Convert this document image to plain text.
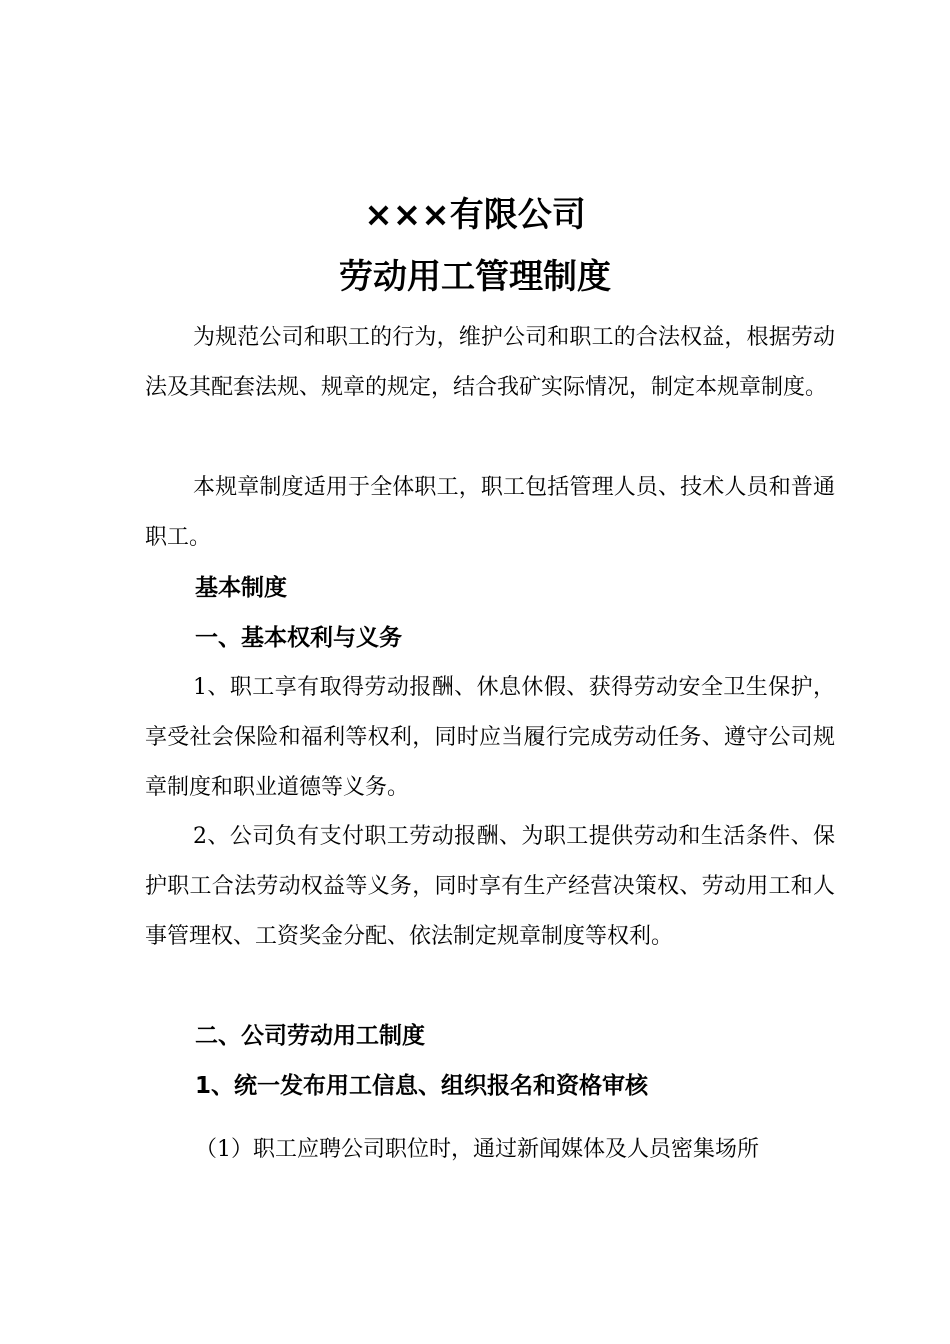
×××有限公司
劳动用工管理制度
为规范公司和职工的行为，维护公司和职工的合法权益，根据劳动法及其配套法规、规章的规定，结合我矿实际情况，制定本规章制度。
本规章制度适用于全体职工，职工包括管理人员、技术人员和普通职工。
基本制度
一、基本权利与义务
1、职工享有取得劳动报酬、休息休假、获得劳动安全卫生保护，享受社会保险和福利等权利，同时应当履行完成劳动任务、遵守公司规章制度和职业道德等义务。
2、公司负有支付职工劳动报酬、为职工提供劳动和生活条件、保护职工合法劳动权益等义务，同时享有生产经营决策权、劳动用工和人事管理权、工资奖金分配、依法制定规章制度等权利。
二、公司劳动用工制度
1、统一发布用工信息、组织报名和资格审核
（1）职工应聘公司职位时，通过新闻媒体及人员密集场所
